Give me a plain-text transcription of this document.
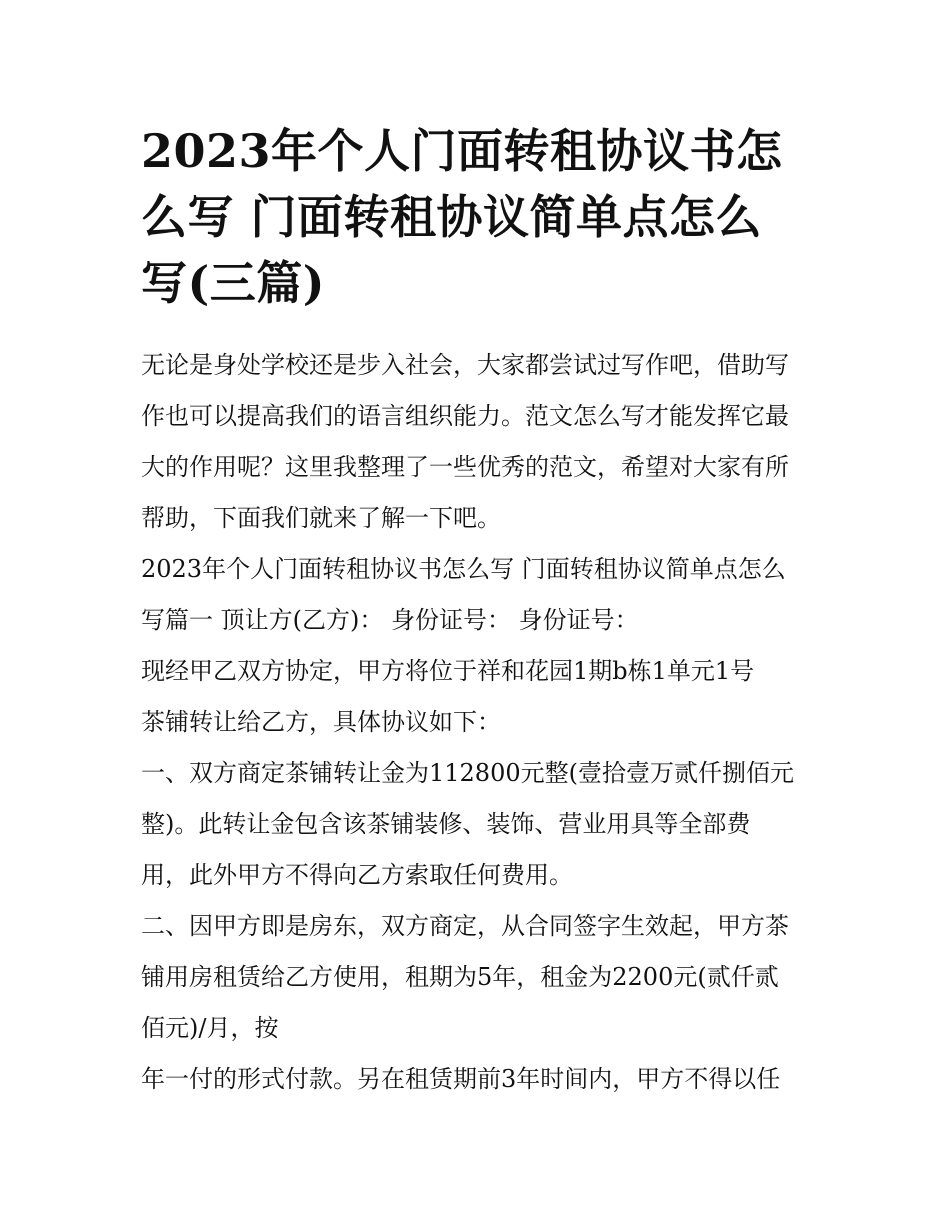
2023年个人门面转租协议书怎
么写 门面转租协议简单点怎么
写(三篇)

无论是身处学校还是步入社会，大家都尝试过写作吧，借助写
作也可以提高我们的语言组织能力。范文怎么写才能发挥它最
大的作用呢？这里我整理了一些优秀的范文，希望对大家有所
帮助，下面我们就来了解一下吧。

2023年个人门面转租协议书怎么写 门面转租协议简单点怎么
写篇一 顶让方(乙方)： 身份证号： 身份证号：

现经甲乙双方协定，甲方将位于祥和花园1期b栋1单元1号
茶铺转让给乙方，具体协议如下：

一、双方商定茶铺转让金为112800元整(壹拾壹万贰仟捌佰元
整)。此转让金包含该茶铺装修、装饰、营业用具等全部费
用，此外甲方不得向乙方索取任何费用。

二、因甲方即是房东，双方商定，从合同签字生效起，甲方茶
铺用房租赁给乙方使用，租期为5年，租金为2200元(贰仟贰
佰元)/月，按

年一付的形式付款。另在租赁期前3年时间内，甲方不得以任
